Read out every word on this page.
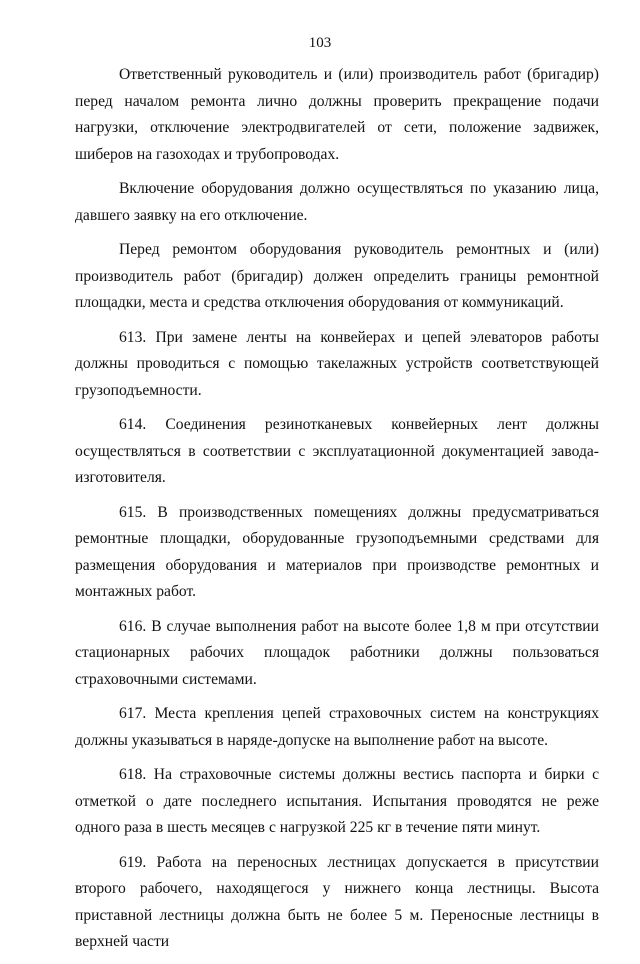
103

Ответственный руководитель и (или) производитель работ (бригадир) перед началом ремонта лично должны проверить прекращение подачи нагрузки, отключение электродвигателей от сети, положение задвижек, шиберов на газоходах и трубопроводах.

Включение оборудования должно осуществляться по указанию лица, давшего заявку на его отключение.

Перед ремонтом оборудования руководитель ремонтных и (или) производитель работ (бригадир) должен определить границы ремонтной площадки, места и средства отключения оборудования от коммуникаций.

613. При замене ленты на конвейерах и цепей элеваторов работы должны проводиться с помощью такелажных устройств соответствующей грузоподъемности.

614. Соединения резинотканевых конвейерных лент должны осуществляться в соответствии с эксплуатационной документацией завода-изготовителя.

615. В производственных помещениях должны предусматриваться ремонтные площадки, оборудованные грузоподъемными средствами для размещения оборудования и материалов при производстве ремонтных и монтажных работ.

616. В случае выполнения работ на высоте более 1,8 м при отсутствии стационарных рабочих площадок работники должны пользоваться страховочными системами.

617. Места крепления цепей страховочных систем на конструкциях должны указываться в наряде-допуске на выполнение работ на высоте.

618. На страховочные системы должны вестись паспорта и бирки с отметкой о дате последнего испытания. Испытания проводятся не реже одного раза в шесть месяцев с нагрузкой 225 кг в течение пяти минут.

619. Работа на переносных лестницах допускается в присутствии второго рабочего, находящегося у нижнего конца лестницы. Высота приставной лестницы должна быть не более 5 м. Переносные лестницы в верхней части
